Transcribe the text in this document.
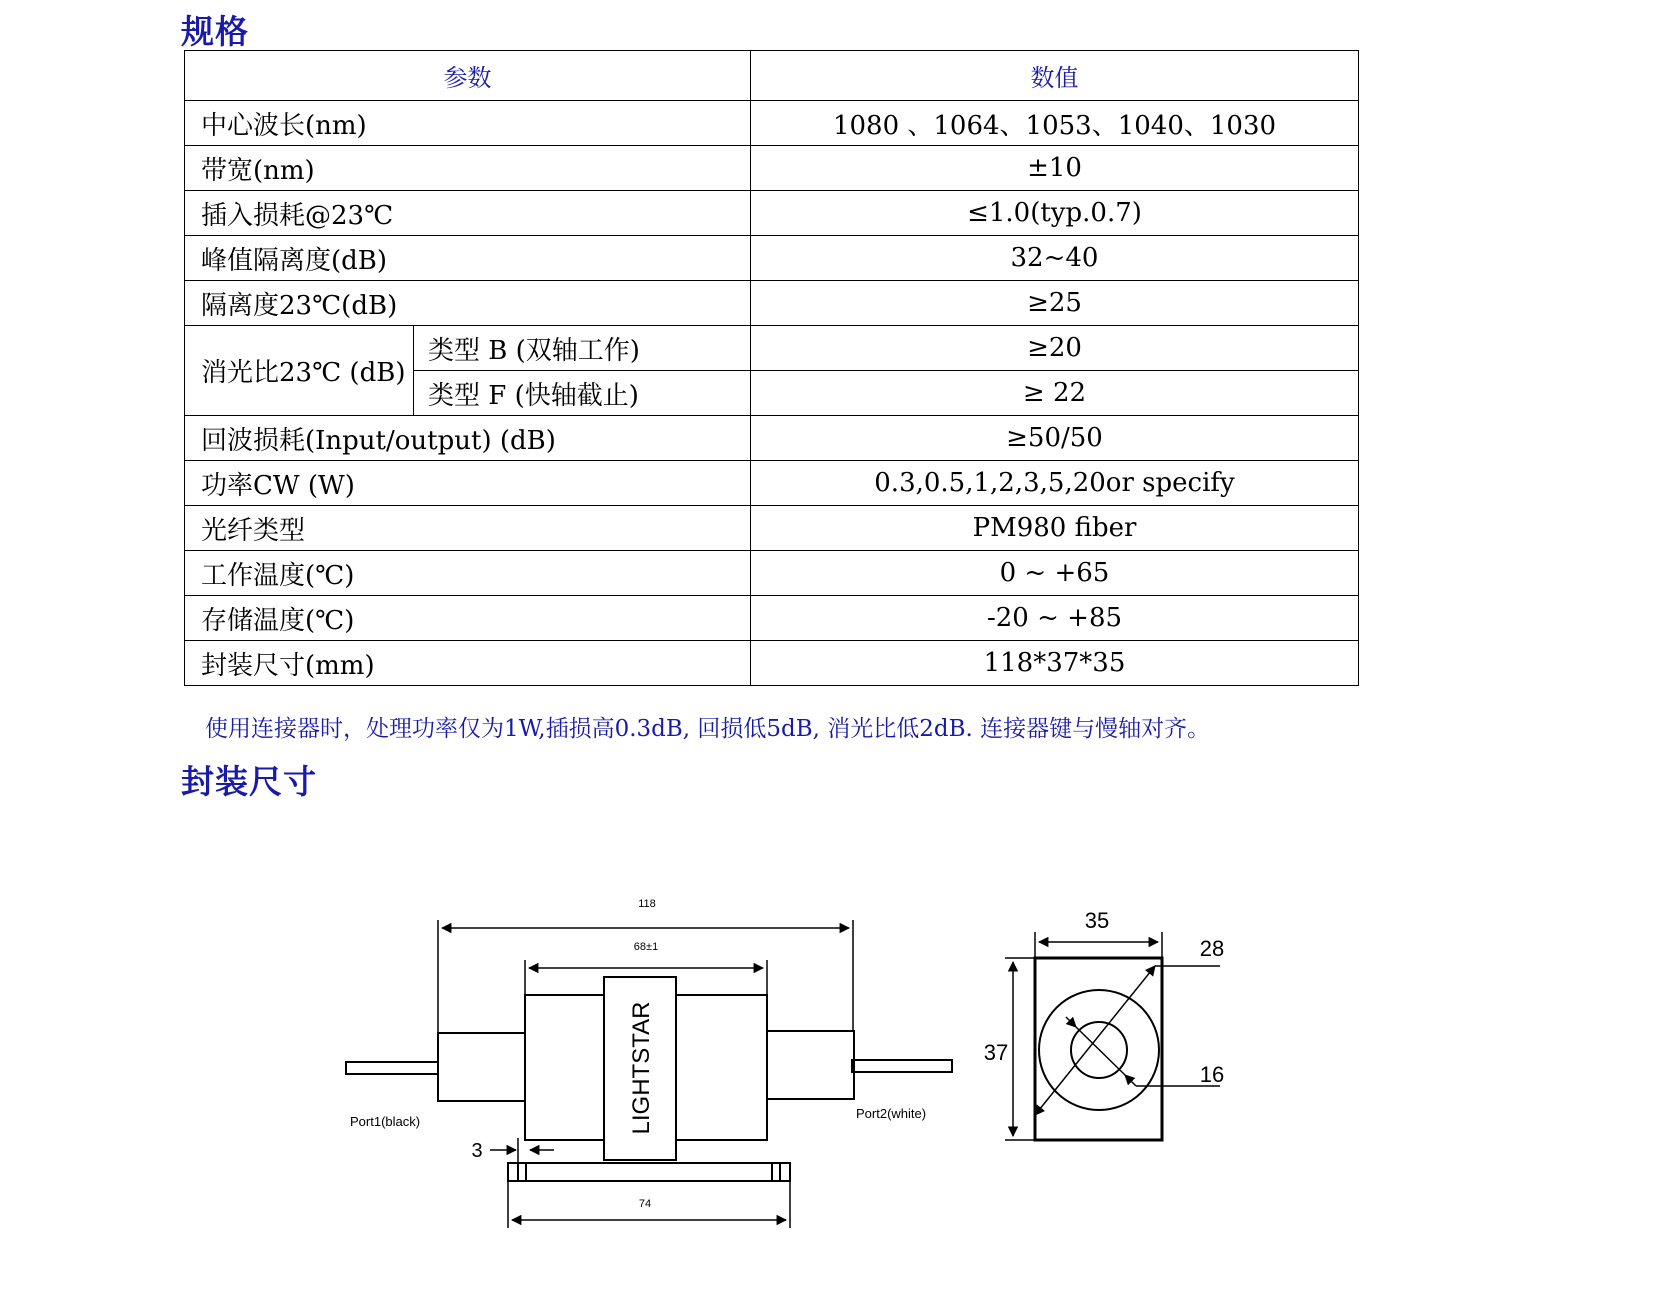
规格
参数		数值
中心波长(nm)		1080 、1064、1053、1040、1030
带宽(nm)		±10
插入损耗@23℃		≤1.0(typ.0.7)
峰值隔离度(dB)		32~40
隔离度23℃(dB)		≥25
消光比23℃ (dB)	类型 B (双轴工作)	≥20
	类型 F (快轴截止)	≥ 22
回波损耗(Input/output) (dB)		≥50/50
功率CW (W)		0.3,0.5,1,2,3,5,20or specify
光纤类型		PM980 fiber
工作温度(℃)		0 ~ +65
存储温度(℃)		-20 ~ +85
封装尺寸(mm)		118*37*35

使用连接器时，处理功率仅为1W,插损高0.3dB, 回损低5dB, 消光比低2dB. 连接器键与慢轴对齐。

封装尺寸
118
68±1
74
3
LIGHTSTAR
Port1(black)
Port2(white)
35
37
28
16
